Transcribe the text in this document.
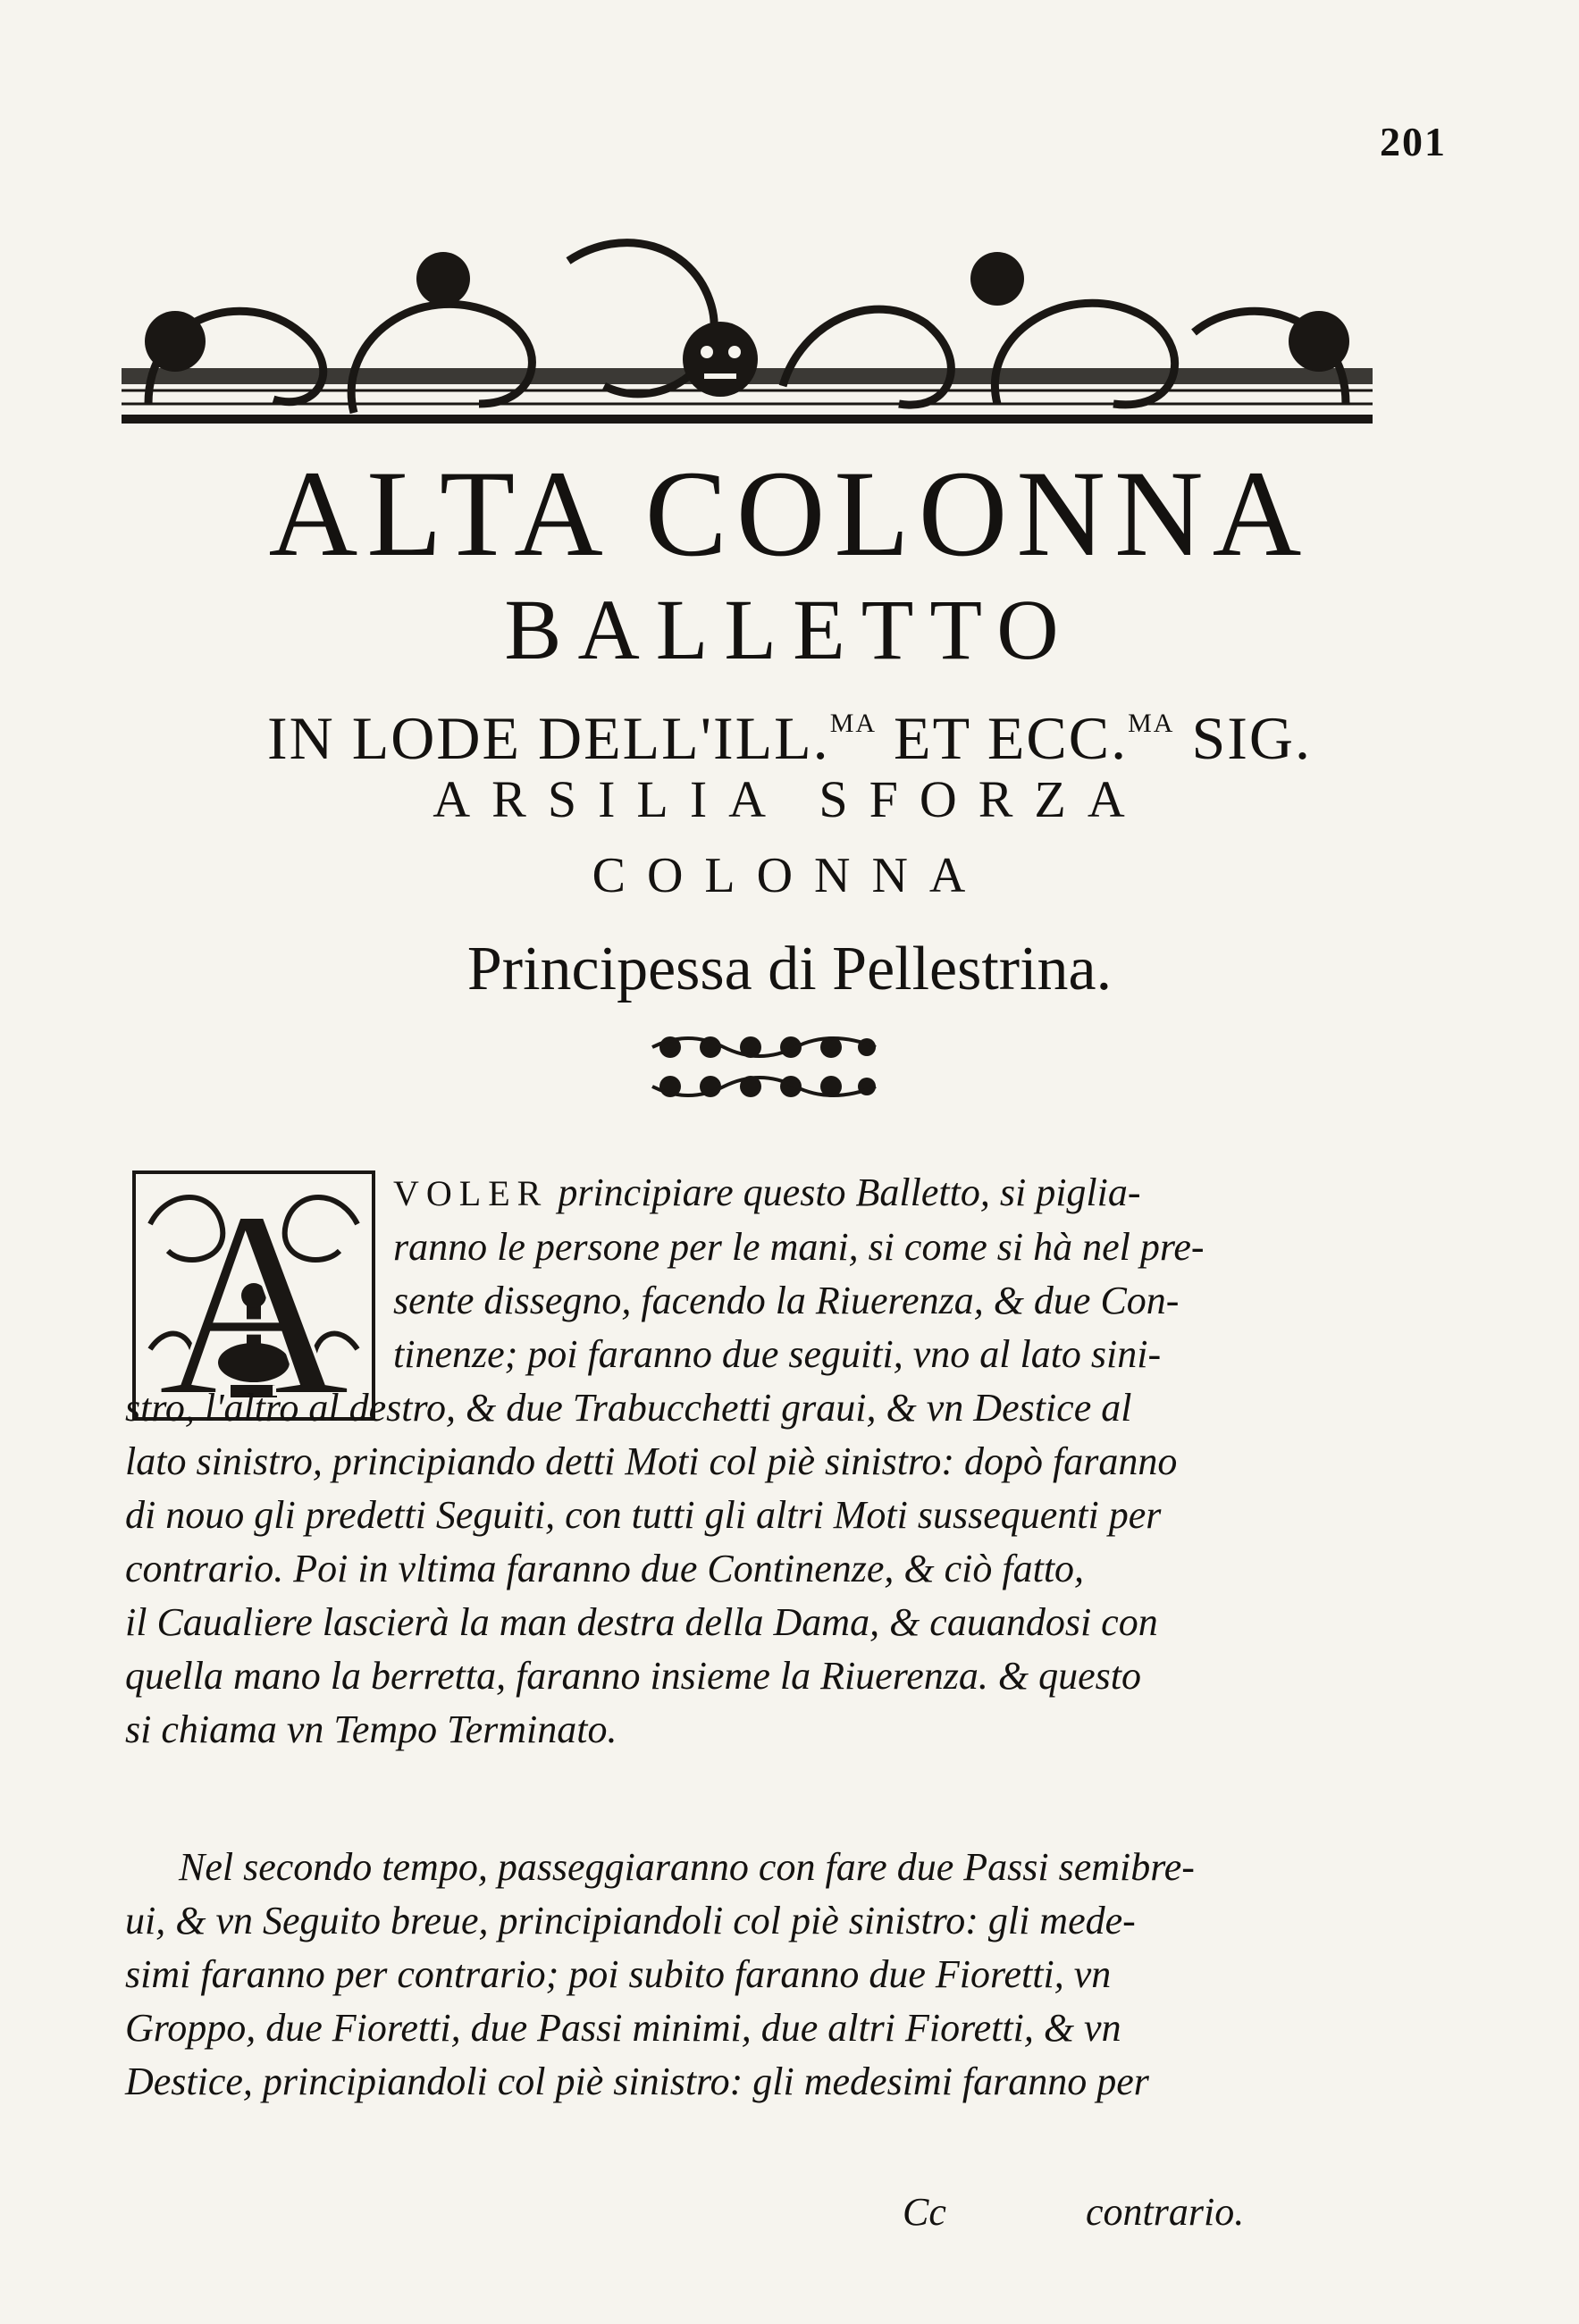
201
ALTA COLONNA
BALLETTO
IN LODE DELL'ILL.$^{MA}$ ET ECC.$^{MA}$ SIG.
ARSILIA SFORZA
COLONNA
Principessa di Pellestrina.
A	VOLER principiare questo Balletto, si piglia-
ranno le persone per le mani, si come si hà nel pre-
sente dissegno, facendo la Riuerenza, & due Con-
tinenze; poi faranno due seguiti, vno al lato sini-
stro, l'altro al destro, & due Trabucchetti graui, & vn Destice al
lato sinistro, principiando detti Moti col piè sinistro: dopò faranno
di nouo gli predetti Seguiti, con tutti gli altri Moti sussequenti per
contrario. Poi in vltima faranno due Continenze, & ciò fatto,
il Caualiere lascierà la man destra della Dama, & cauandosi con
quella mano la berretta, faranno insieme la Riuerenza. & questo
si chiama vn Tempo Terminato.
Nel secondo tempo, passeggiaranno con fare due Passi semibre-
ui, & vn Seguito breue, principiandoli col piè sinistro: gli mede-
simi faranno per contrario; poi subito faranno due Fioretti, vn
Groppo, due Fioretti, due Passi minimi, due altri Fioretti, & vn
Destice, principiandoli col piè sinistro: gli medesimi faranno per
Cc	contrario.
